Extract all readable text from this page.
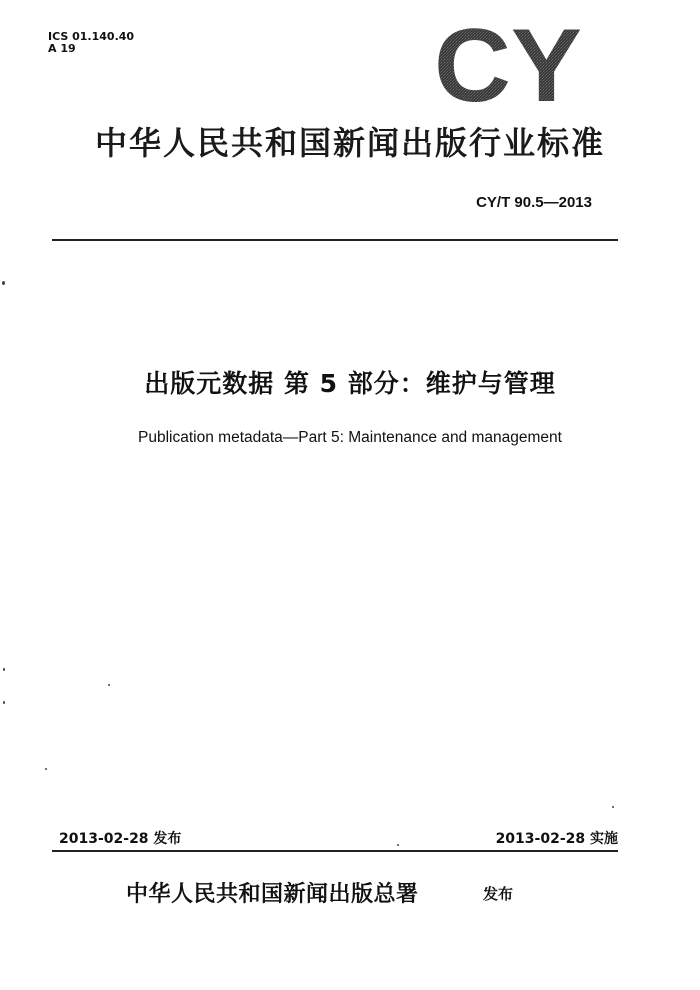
ICS 01.140.40
A 19	CY
中华人民共和国新闻出版行业标准
CY/T 90.5—2013
出版元数据 第 5 部分：维护与管理
Publication metadata—Part 5: Maintenance and management
2013-02-28 发布	2013-02-28 实施
中华人民共和国新闻出版总署	发布
